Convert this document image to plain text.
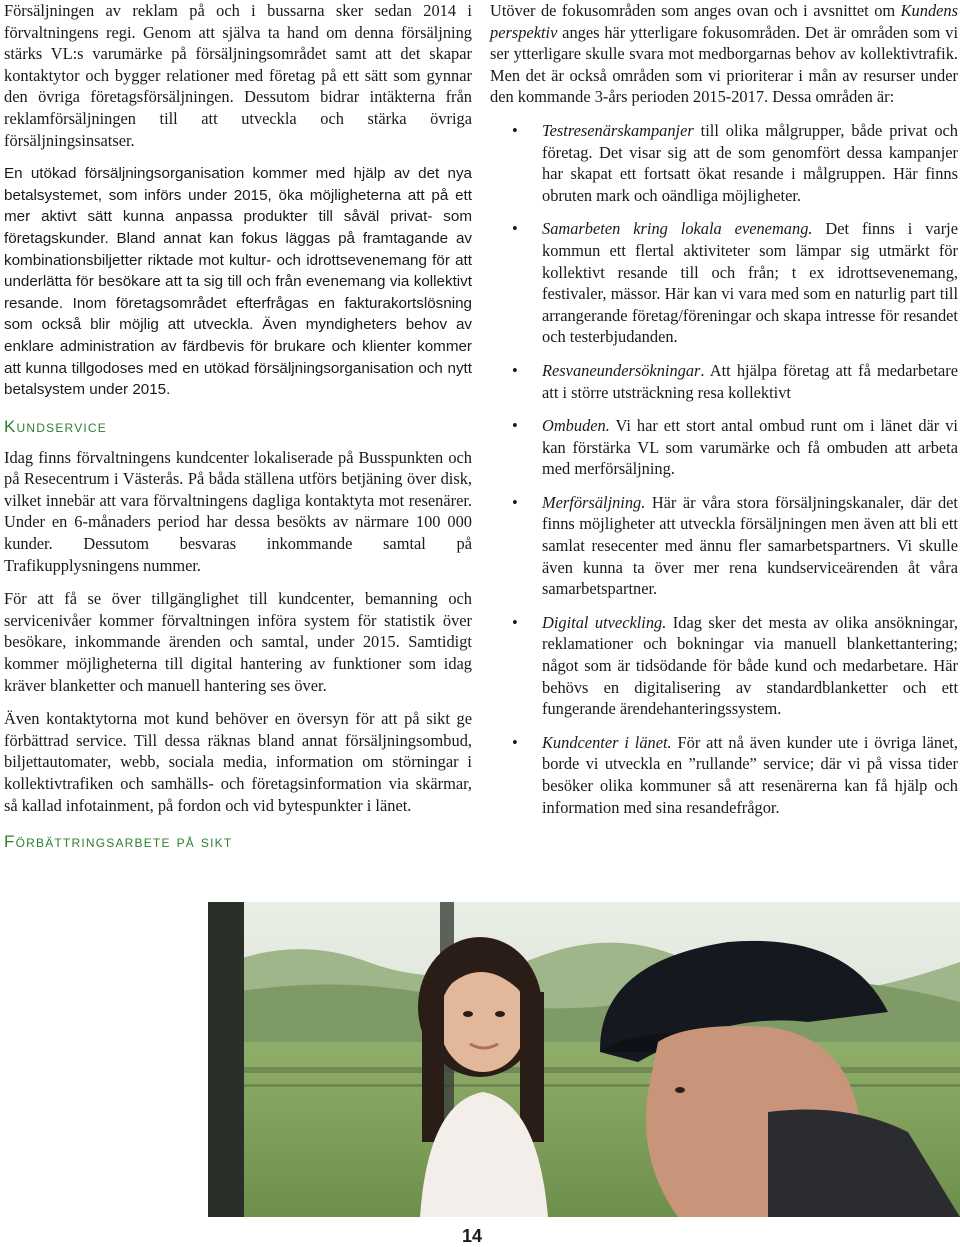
Försäljningen av reklam på och i bussarna sker sedan 2014 i förvaltningens regi. Genom att själva ta hand om denna försäljning stärks VL:s varumärke på försäljningsområdet samt att det skapar kontaktytor och bygger relationer med företag på ett sätt som gynnar den övriga företagsförsäljningen. Dessutom bidrar intäkterna från reklamförsäljningen till att utveckla och stärka övriga försäljningsinsatser.

En utökad försäljningsorganisation kommer med hjälp av det nya betalsystemet, som införs under 2015, öka möjligheterna att på ett mer aktivt sätt kunna anpassa produkter till såväl privat- som företagskunder. Bland annat kan fokus läggas på framtagande av kombinationsbiljetter riktade mot kultur- och idrottsevenemang för att underlätta för besökare att ta sig till och från evenemang via kollektivt resande. Inom företagsområdet efterfrågas en fakturakortslösning som också blir möjlig att utveckla. Även myndigheters behov av enklare administration av färdbevis för brukare och klienter kommer att kunna tillgodoses med en utökad försäljningsorganisation och nytt betalsystem under 2015.

Kundservice

Idag finns förvaltningens kundcenter lokaliserade på Busspunkten och på Resecentrum i Västerås. På båda ställena utförs betjäning över disk, vilket innebär att vara förvaltningens dagliga kontaktyta mot resenärer. Under en 6-månaders period har dessa besökts av närmare 100 000 kunder. Dessutom besvaras inkommande samtal på Trafikupplysningens nummer.

För att få se över tillgänglighet till kundcenter, bemanning och servicenivåer kommer förvaltningen införa system för statistik över besökare, inkommande ärenden och samtal, under 2015. Samtidigt kommer möjligheterna till digital hantering av funktioner som idag kräver blanketter och manuell hantering ses över.

Även kontaktytorna mot kund behöver en översyn för att på sikt ge förbättrad service. Till dessa räknas bland annat försäljningsombud, biljettautomater, webb, sociala media, information om störningar i kollektivtrafiken och samhälls- och företagsinformation via skärmar, så kallad infotainment, på fordon och vid bytespunkter i länet.

Förbättringsarbete på sikt

Utöver de fokusområden som anges ovan och i avsnittet om Kundens perspektiv anges här ytterligare fokusområden. Det är områden som vi ser ytterligare skulle svara mot medborgarnas behov av kollektivtrafik. Men det är också områden som vi prioriterar i mån av resurser under den kommande 3-års perioden 2015-2017. Dessa områden är:

• Testresenärskampanjer till olika målgrupper, både privat och företag. Det visar sig att de som genomfört dessa kampanjer har skapat ett fortsatt ökat resande i målgruppen. Här finns obruten mark och oändliga möjligheter.
• Samarbeten kring lokala evenemang. Det finns i varje kommun ett flertal aktiviteter som lämpar sig utmärkt för kollektivt resande till och från; t ex idrottsevenemang, festivaler, mässor. Här kan vi vara med som en naturlig part till arrangerande företag/föreningar och skapa intresse för resandet och testerbjudanden.
• Resvaneundersökningar. Att hjälpa företag att få medarbetare att i större utsträckning resa kollektivt
• Ombuden. Vi har ett stort antal ombud runt om i länet där vi kan förstärka VL som varumärke och få ombuden att arbeta med merförsäljning.
• Merförsäljning. Här är våra stora försäljningskanaler, där det finns möjligheter att utveckla försäljningen men även att bli ett samlat resecenter med ännu fler samarbetspartners. Vi skulle även kunna ta över mer rena kundserviceärenden åt våra samarbetspartner.
• Digital utveckling. Idag sker det mesta av olika ansökningar, reklamationer och bokningar via manuell blankettantering; något som är tidsödande för både kund och medarbetare. Här behövs en digitalisering av standardblanketter och ett fungerande ärendehanteringssystem.
• Kundcenter i länet. För att nå även kunder ute i övriga länet, borde vi utveckla en ”rullande” service; där vi på vissa tider besöker olika kommuner så att resenärerna kan få hjälp och information med sina resandefrågor.
14
